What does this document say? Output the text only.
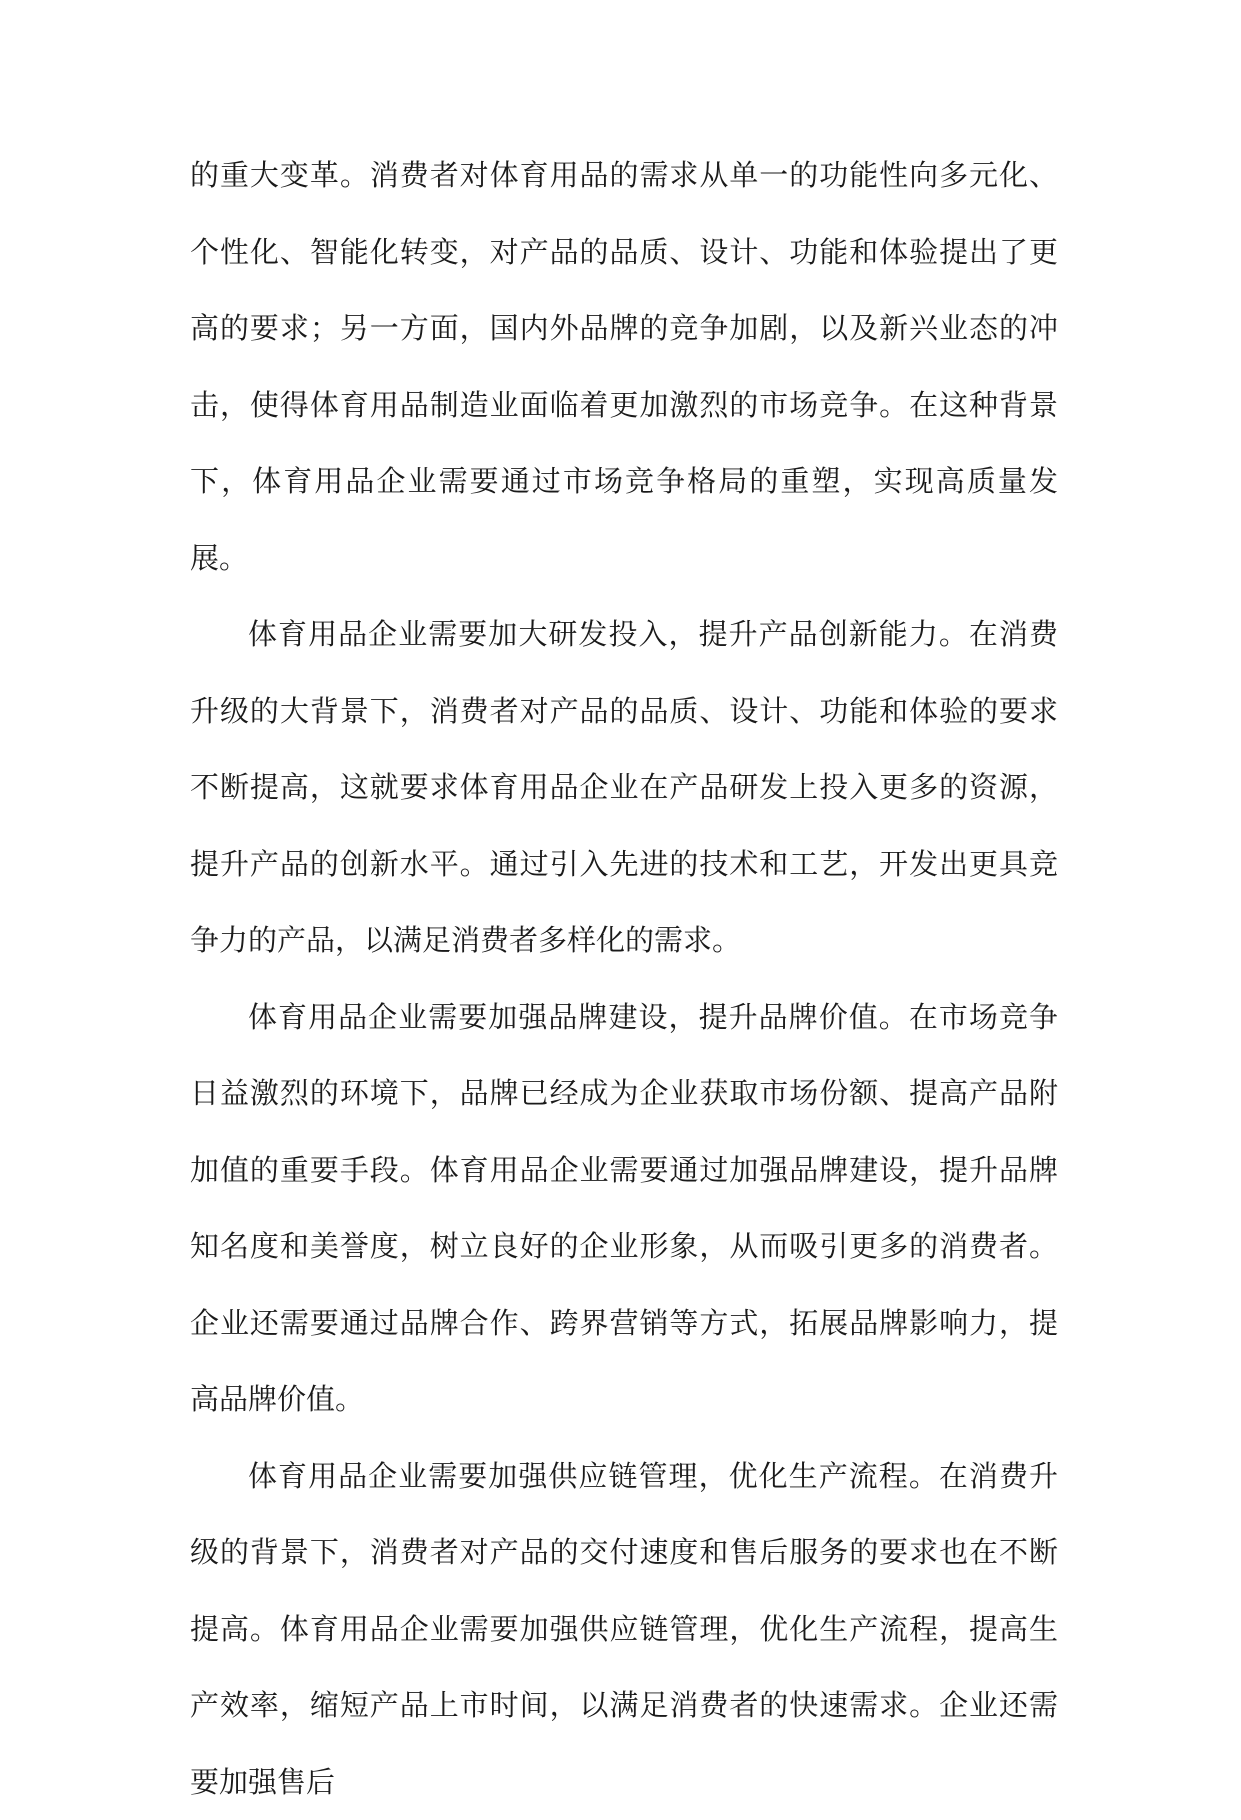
的重大变革。消费者对体育用品的需求从单一的功能性向多元化、个性化、智能化转变，对产品的品质、设计、功能和体验提出了更高的要求；另一方面，国内外品牌的竞争加剧，以及新兴业态的冲击，使得体育用品制造业面临着更加激烈的市场竞争。在这种背景下，体育用品企业需要通过市场竞争格局的重塑，实现高质量发展。

体育用品企业需要加大研发投入，提升产品创新能力。在消费升级的大背景下，消费者对产品的品质、设计、功能和体验的要求不断提高，这就要求体育用品企业在产品研发上投入更多的资源，提升产品的创新水平。通过引入先进的技术和工艺，开发出更具竞争力的产品，以满足消费者多样化的需求。

体育用品企业需要加强品牌建设，提升品牌价值。在市场竞争日益激烈的环境下，品牌已经成为企业获取市场份额、提高产品附加值的重要手段。体育用品企业需要通过加强品牌建设，提升品牌知名度和美誉度，树立良好的企业形象，从而吸引更多的消费者。企业还需要通过品牌合作、跨界营销等方式，拓展品牌影响力，提高品牌价值。

体育用品企业需要加强供应链管理，优化生产流程。在消费升级的背景下，消费者对产品的交付速度和售后服务的要求也在不断提高。体育用品企业需要加强供应链管理，优化生产流程，提高生产效率，缩短产品上市时间，以满足消费者的快速需求。企业还需要加强售后
